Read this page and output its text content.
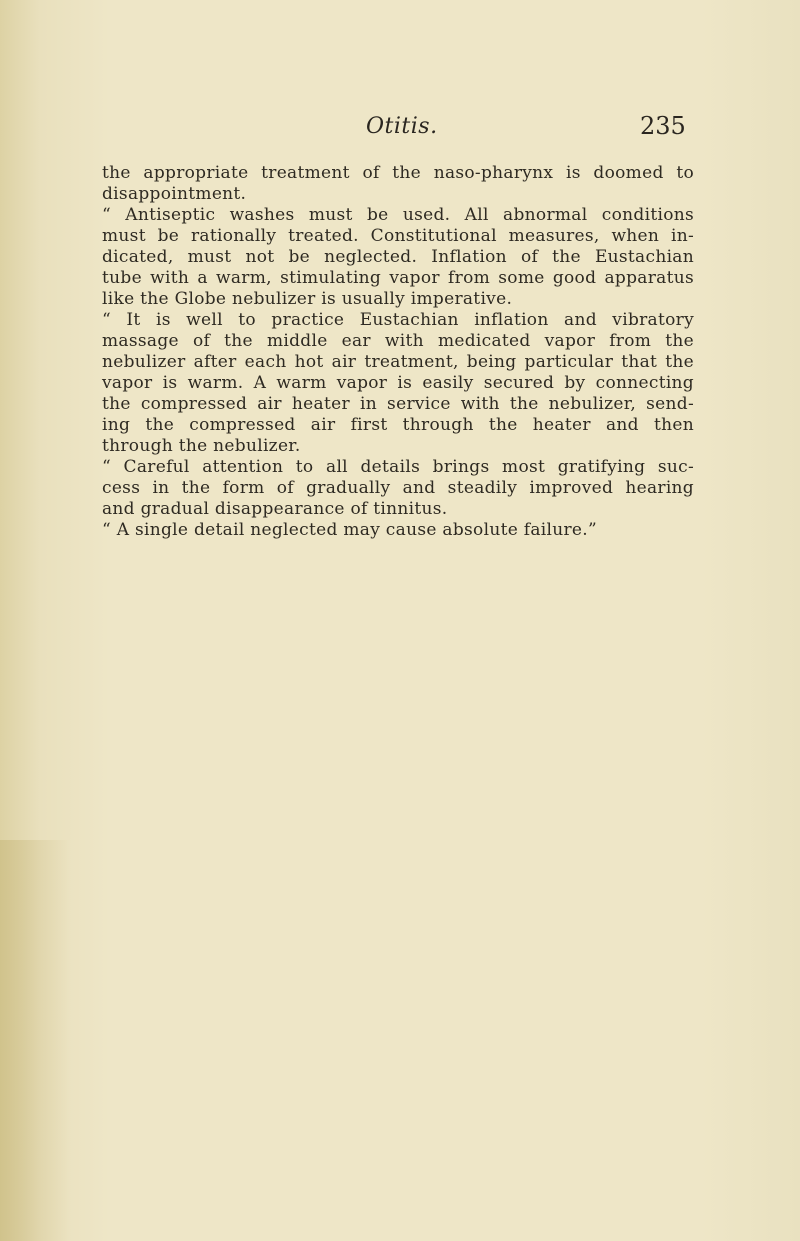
Otitis.	235
the appropriate treatment of the naso-pharynx is doomed to
disappointment.
“ Antiseptic washes must be used. All abnormal conditions
must be rationally treated. Constitutional measures, when in-
dicated, must not be neglected. Inflation of the Eustachian
tube with a warm, stimulating vapor from some good apparatus
like the Globe nebulizer is usually imperative.
“ It is well to practice Eustachian inflation and vibratory
massage of the middle ear with medicated vapor from the
nebulizer after each hot air treatment, being particular that the
vapor is warm. A warm vapor is easily secured by connecting
the compressed air heater in service with the nebulizer, send-
ing the compressed air first through the heater and then
through the nebulizer.
“ Careful attention to all details brings most gratifying suc-
cess in the form of gradually and steadily improved hearing
and gradual disappearance of tinnitus.
“ A single detail neglected may cause absolute failure.”
